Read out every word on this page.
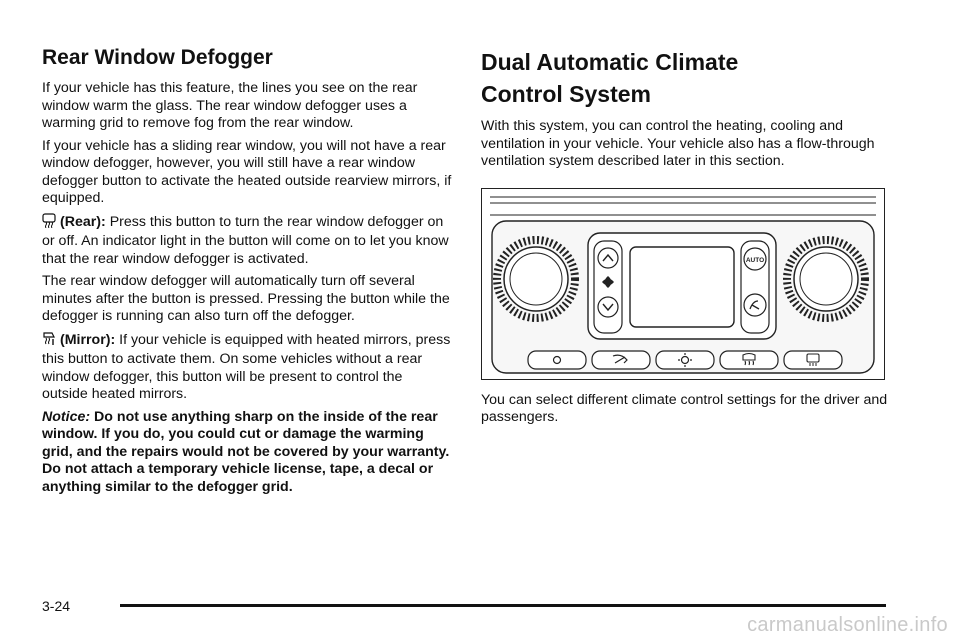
Rear Window Defogger

If your vehicle has this feature, the lines you see on the rear window warm the glass. The rear window defogger uses a warming grid to remove fog from the rear window.

If your vehicle has a sliding rear window, you will not have a rear window defogger, however, you will still have a rear window defogger button to activate the heated outside rearview mirrors, if equipped.

(Rear): Press this button to turn the rear window defogger on or off. An indicator light in the button will come on to let you know that the rear window defogger is activated.

The rear window defogger will automatically turn off several minutes after the button is pressed. Pressing the button while the defogger is running can also turn off the defogger.

(Mirror): If your vehicle is equipped with heated mirrors, press this button to activate them. On some vehicles without a rear window defogger, this button will be present to control the outside heated mirrors.

Notice: Do not use anything sharp on the inside of the rear window. If you do, you could cut or damage the warming grid, and the repairs would not be covered by your warranty. Do not attach a temporary vehicle license, tape, a decal or anything similar to the defogger grid.

Dual Automatic Climate
Control System

With this system, you can control the heating, cooling and ventilation in your vehicle. Your vehicle also has a flow-through ventilation system described later in this section.

AUTO

You can select different climate control settings for the driver and passengers.

3-24
carmanualsonline.info
